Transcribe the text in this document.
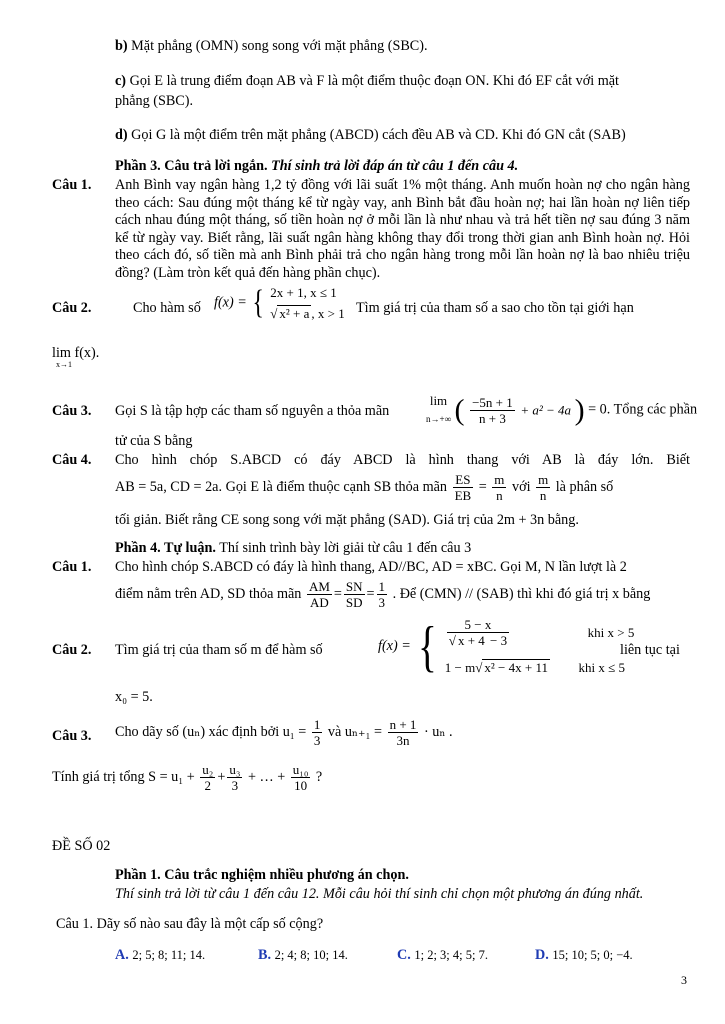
b) Mặt phẳng (OMN) song song với mặt phẳng (SBC).
c) Gọi E là trung điểm đoạn AB và F là một điểm thuộc đoạn ON. Khi đó EF cắt với mặt
phẳng (SBC).
d) Gọi G là một điểm trên mặt phẳng (ABCD) cách đều AB và CD. Khi đó GN cắt (SAB)
Phần 3. Câu trả lời ngắn. Thí sinh trả lời đáp án từ câu 1 đến câu 4.
Câu 1. Anh Bình vay ngân hàng 1,2 tỷ đồng với lãi suất 1% một tháng. Anh muốn hoàn nợ cho ngân hàng theo cách: Sau đúng một tháng kể từ ngày vay, anh Bình bắt đầu hoàn nợ; hai lần hoàn nợ liên tiếp cách nhau đúng một tháng, số tiền hoàn nợ ở mỗi lần là như nhau và trả hết tiền nợ sau đúng 3 năm kể từ ngày vay. Biết rằng, lãi suất ngân hàng không thay đổi trong thời gian anh Bình hoàn nợ. Hỏi theo cách đó, số tiền mà anh Bình phải trả cho ngân hàng trong mỗi lần hoàn nợ là bao nhiêu triệu đồng? (Làm tròn kết quả đến hàng phần chục).
Câu 2.	Cho hàm số f(x) = { 2x + 1, x ≤ 1
√ x² + a , x > 1 Tìm giá trị của tham số a sao cho tồn tại giới hạn
lim f(x).
x→1
Câu 3. Gọi S là tập hợp các tham số nguyên a thỏa mãn
lim
n→+∞ ( $\frac{-5n + 1}{n + 3} + a^2 - 4a$ ) = 0. Tổng các phần
tử của S bằng
Câu 4. Cho hình chóp S.ABCD có đáy ABCD là hình thang với AB là đáy lớn. Biết
AB = 5a, CD = 2a. Gọi E là điểm thuộc cạnh SB thỏa mãn $\frac{ES}{EB} = \frac{m}{n}$ với $\frac{m}{n}$ là phân số
tối giản. Biết rằng CE song song với mặt phẳng (SAD). Giá trị của 2m + 3n bằng.
Phần 4. Tự luận. Thí sinh trình bày lời giải từ câu 1 đến câu 3
Câu 1. Cho hình chóp S.ABCD có đáy là hình thang, AD//BC, AD = xBC. Gọi M, N lần lượt là 2
điểm nằm trên AD, SD thỏa mãn $\frac{AM}{AD} = \frac{SN}{SD} = \frac{1}{3}$ . Để (CMN) // (SAB) thì khi đó giá trị x bằng
Câu 2. Tìm giá trị của tham số m để hàm số	f(x) = { $\frac{5 - x}{√ x + 4 - 3}$	khi x > 5
1 − m√ x² − 4x + 11 khi x ≤ 5
liên tục tại
x₀ = 5.
Câu 3. Cho dãy số (uₙ) xác định bởi $u_1 = \frac{1}{3}$ và $u_{n+1} = \frac{n + 1}{3n} \cdot u_n$ .
Tính giá trị tổng $S = u_1 + \frac{\text{u₂}}{2} + \frac{\text{u₃}}{3}$ + … + $\frac{\text{u₁₀}}{10}$ ?
ĐỀ SỐ 02
Phần 1. Câu trắc nghiệm nhiều phương án chọn.
Thí sinh trả lời từ câu 1 đến câu 12. Mỗi câu hỏi thí sinh chỉ chọn một phương án đúng nhất.
Câu 1. Dãy số nào sau đây là một cấp số cộng?
A. 2; 5; 8; 11; 14.	B. 2; 4; 8; 10; 14.	C. 1; 2; 3; 4; 5; 7.	D. 15; 10; 5; 0; −4.
3
